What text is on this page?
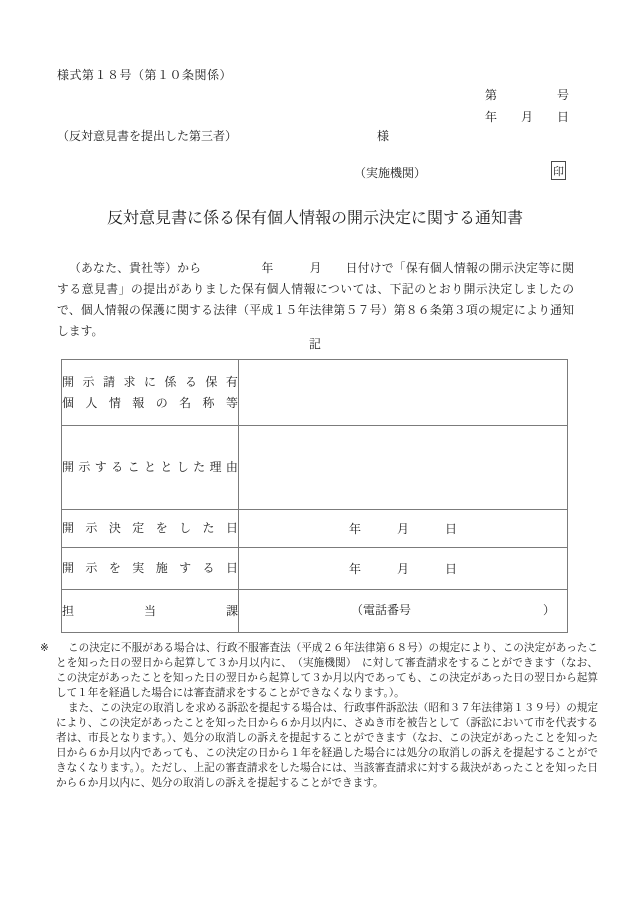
様式第１８号（第１０条関係）
第　　　　　号
年　　月　　日
（反対意見書を提出した第三者）	様
（実施機関）	印
反対意見書に係る保有個人情報の開示決定に関する通知書

（あなた、貴社等）から　　　　　年　　　月　　日付けで「保有個人情報の開示決定等に関する意見書」の提出がありました保有個人情報については、下記のとおり開示決定しましたので、個人情報の保護に関する法律（平成１５年法律第５７号）第８６条第３項の規定により通知します。

記
開 示 請 求 に 係 る 保 有
個 人 情 報 の 名 称 等

開 示 す る こ と と し た 理 由

開 示 決 定 を し た 日	年　　　月　　　日

開 示 を 実 施 す る 日	年　　　月　　　日

担 当 課	（電話番号 ）
※	この決定に不服がある場合は、行政不服審査法（平成２６年法律第６８号）の規定により、この決定があったことを知った日の翌日から起算して３か月以内に、　（実施機関）　に対して審査請求をすることができます（なお、この決定があったことを知った日の翌日から起算して３か月以内であっても、この決定があった日の翌日から起算して１年を経過した場合には審査請求をすることができなくなります。）。

また、この決定の取消しを求める訴訟を提起する場合は、行政事件訴訟法（昭和３７年法律第１３９号）の規定により、この決定があったことを知った日から６か月以内に、さぬき市を被告として（訴訟において市を代表する者は、市長となります。）、処分の取消しの訴えを提起することができます（なお、この決定があったことを知った日から６か月以内であっても、この決定の日から１年を経過した場合には処分の取消しの訴えを提起することができなくなります。）。ただし、上記の審査請求をした場合には、当該審査請求に対する裁決があったことを知った日から６か月以内に、処分の取消しの訴えを提起することができます。
